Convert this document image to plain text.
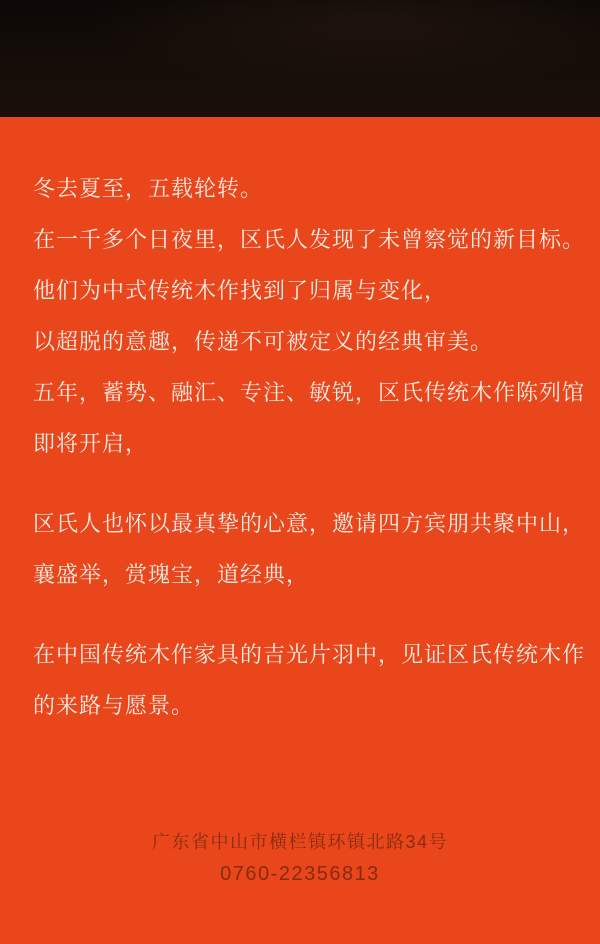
冬去夏至，五载轮转。
在一千多个日夜里，区氏人发现了未曾察觉的新目标。
他们为中式传统木作找到了归属与变化，
以超脱的意趣，传递不可被定义的经典审美。
五年，蓄势、融汇、专注、敏锐，区氏传统木作陈列馆
即将开启，
区氏人也怀以最真挚的心意，邀请四方宾朋共聚中山，
襄盛举，赏瑰宝，道经典，
在中国传统木作家具的吉光片羽中，见证区氏传统木作
的来路与愿景。
广东省中山市横栏镇环镇北路34号
0760-22356813
